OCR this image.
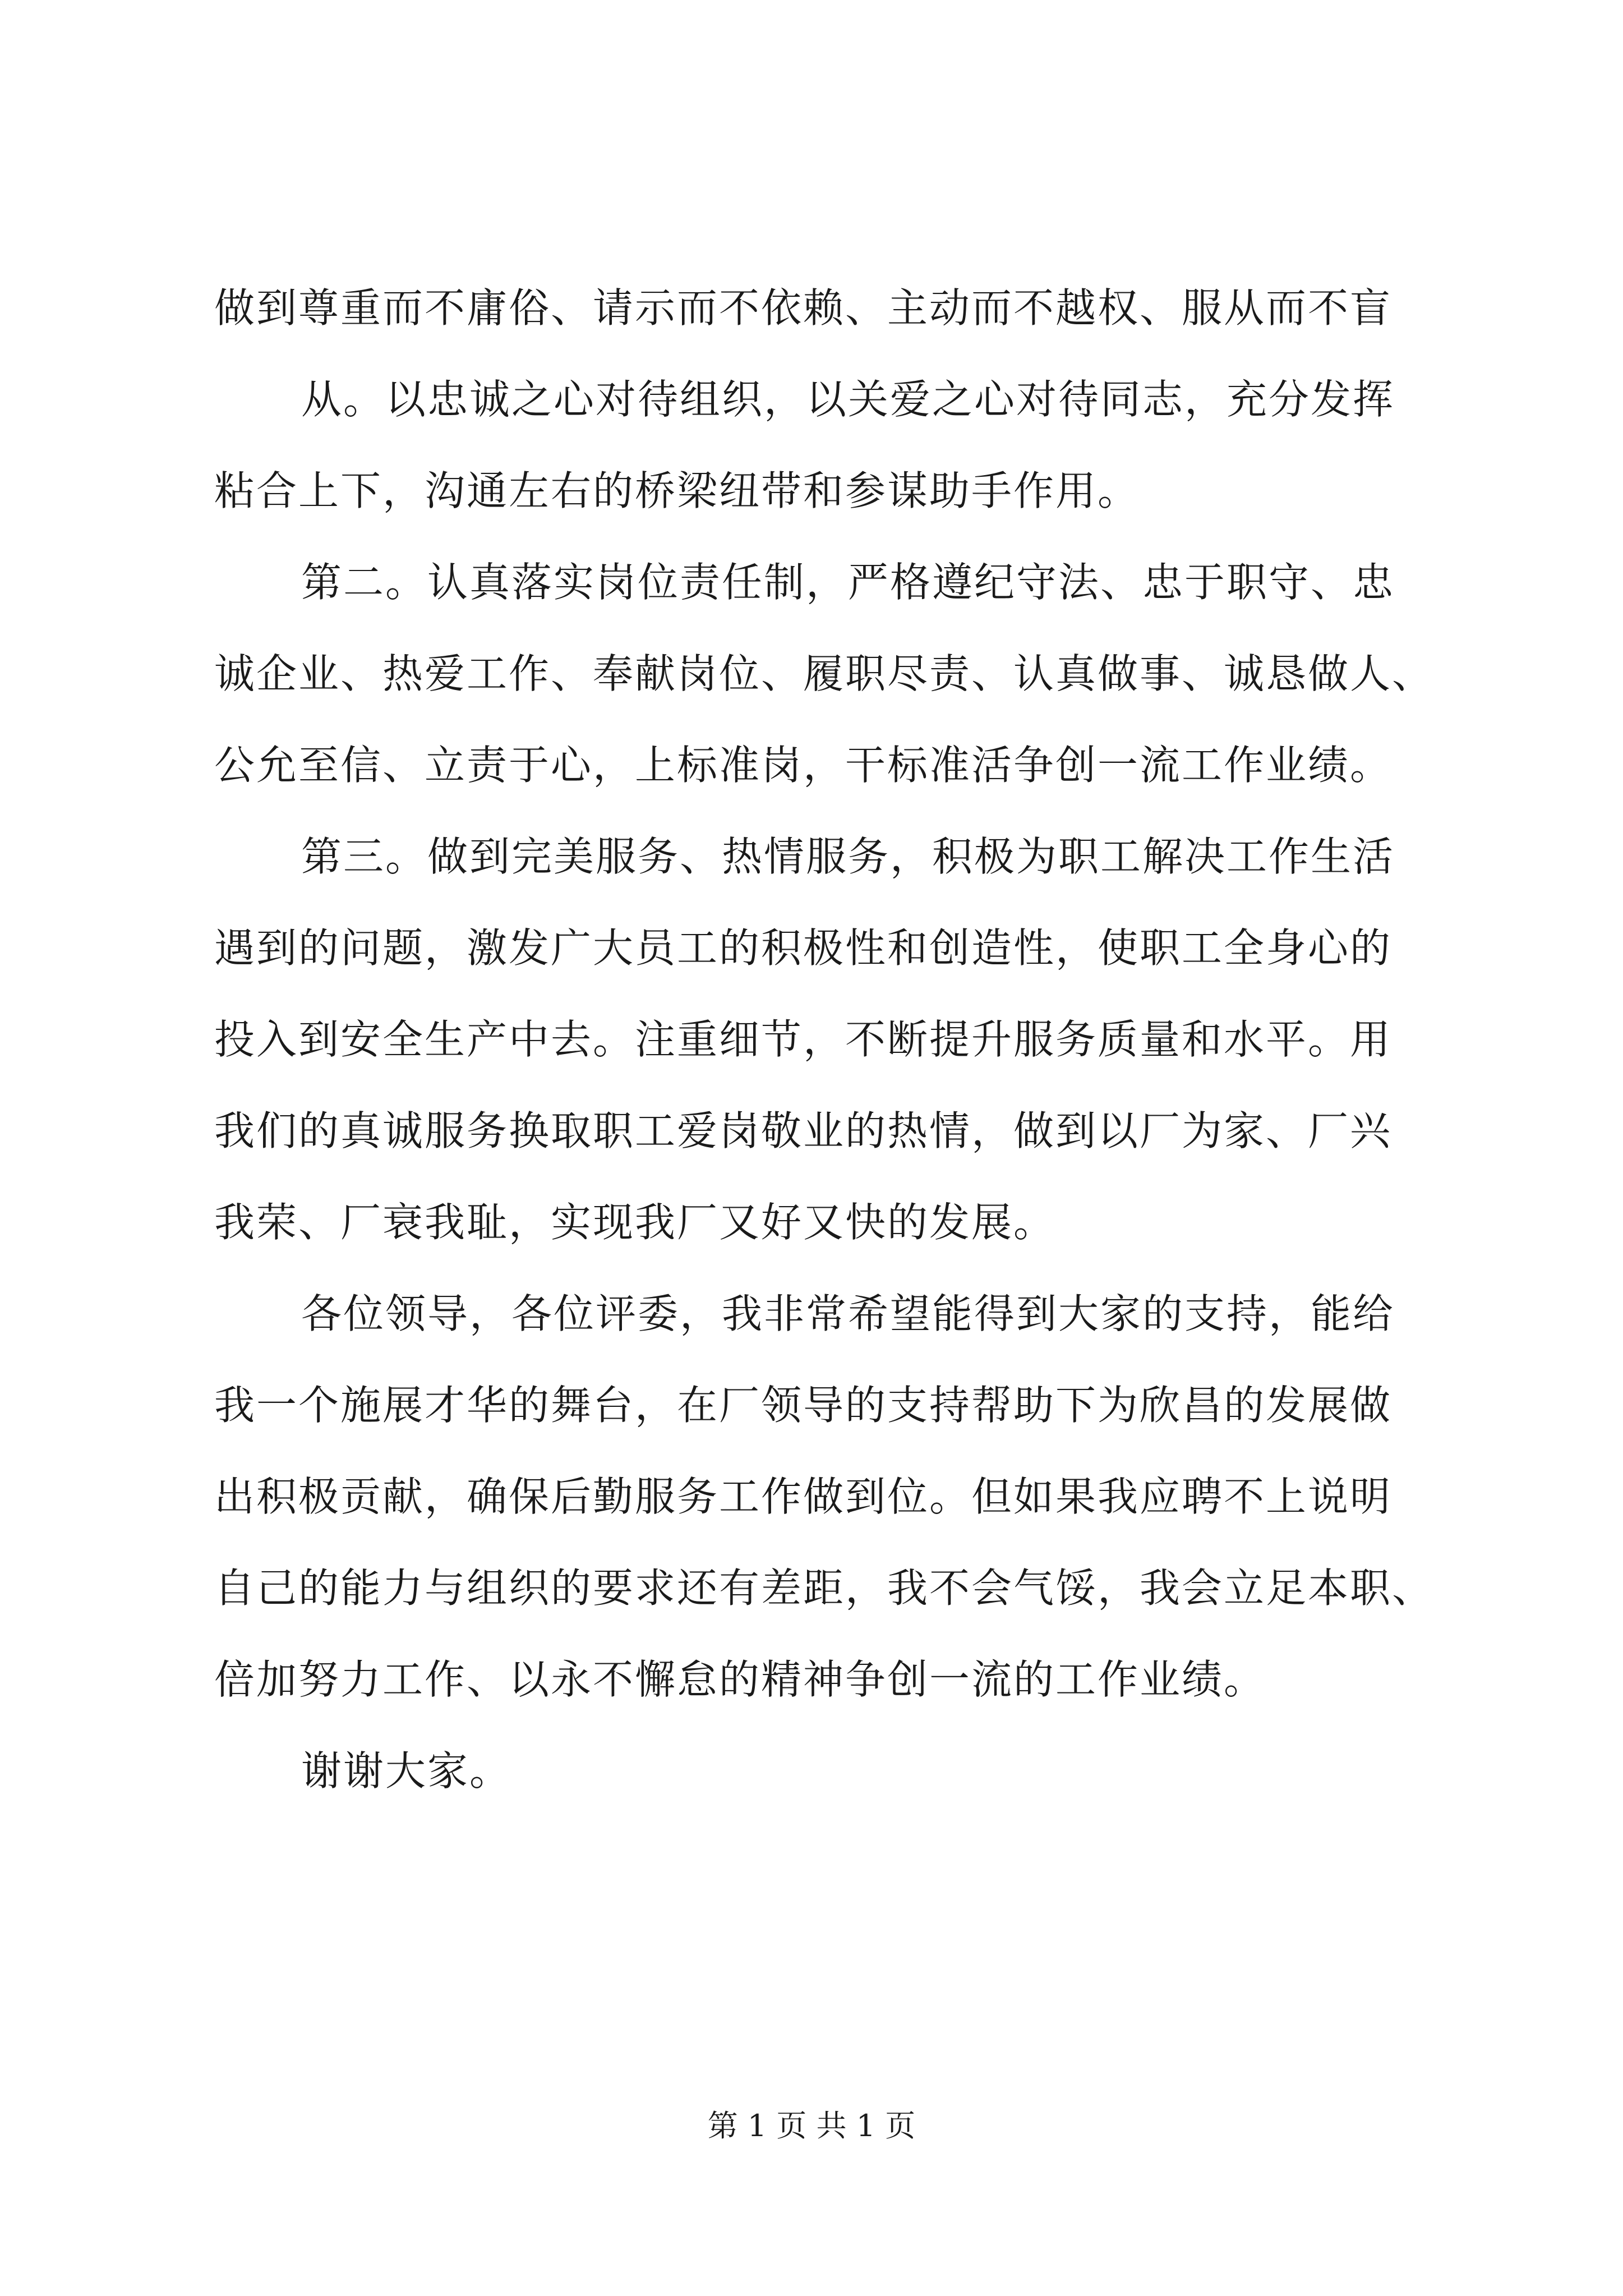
做到尊重而不庸俗、请示而不依赖、主动而不越权、服从而不盲
从。以忠诚之心对待组织，以关爱之心对待同志，充分发挥
粘合上下，沟通左右的桥梁纽带和参谋助手作用。
第二。认真落实岗位责任制，严格遵纪守法、忠于职守、忠
诚企业、热爱工作、奉献岗位、履职尽责、认真做事、诚恳做人、
公允至信、立责于心，上标准岗，干标准活争创一流工作业绩。
第三。做到完美服务、热情服务，积极为职工解决工作生活
遇到的问题，激发广大员工的积极性和创造性，使职工全身心的
投入到安全生产中去。注重细节，不断提升服务质量和水平。用
我们的真诚服务换取职工爱岗敬业的热情，做到以厂为家、厂兴
我荣、厂衰我耻，实现我厂又好又快的发展。
各位领导，各位评委，我非常希望能得到大家的支持，能给
我一个施展才华的舞台，在厂领导的支持帮助下为欣昌的发展做
出积极贡献，确保后勤服务工作做到位。但如果我应聘不上说明
自己的能力与组织的要求还有差距，我不会气馁，我会立足本职、
倍加努力工作、以永不懈怠的精神争创一流的工作业绩。
谢谢大家。
第 1 页 共 1 页
